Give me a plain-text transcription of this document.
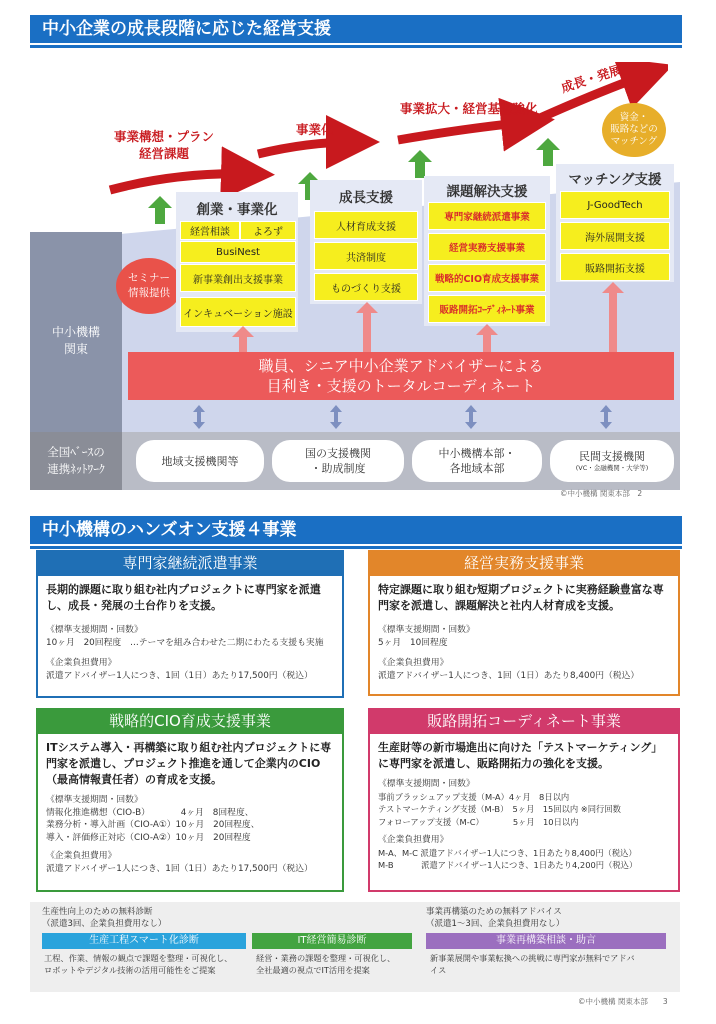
中小企業の成長段階に応じた経営支援
事業構想・プラン
経営課題
事業化
事業拡大・経営基盤強化
成長・発展
資金・
販路などの
マッチング
中小機構
関東
全国ﾍﾞｰｽの
連携ﾈｯﾄﾜｰｸ
セミナー
情報提供
創業・事業化
経営相談 よろず
BusiNest
新事業創出支援事業
インキュベーション施設
成長支援
人材育成支援
共済制度
ものづくり支援
課題解決支援
専門家継続派遣事業
経営実務支援事業
戦略的CIO育成支援事業
販路開拓ｺｰﾃﾞｨﾈｰﾄ事業
マッチング支援
J-GoodTech
海外展開支援
販路開拓支援
職員、シニア中小企業アドバイザーによる
目利き・支援のトータルコーディネート
地域支援機関等
国の支援機関
・助成制度
中小機構本部・
各地域本部
民間支援機関
(VC・金融機関・大学等)
©中小機構 関東本部　2
中小機構のハンズオン支援４事業
専門家継続派遣事業
長期的課題に取り組む社内プロジェクトに専門家を派遣し、成長・発展の土台作りを支援。
《標準支援期間・回数》
10ヶ月　20回程度　…テーマを組み合わせた二期にわたる支援も実施
《企業負担費用》
派遣アドバイザー1人につき、1回（1日）あたり17,500円（税込）
経営実務支援事業
特定課題に取り組む短期プロジェクトに実務経験豊富な専門家を派遣し、課題解決と社内人材育成を支援。
《標準支援期間・回数》
5ヶ月　10回程度
《企業負担費用》
派遣アドバイザー1人につき、1回（1日）あたり8,400円（税込）
戦略的CIO育成支援事業
ITシステム導入・再構築に取り組む社内プロジェクトに専門家を派遣し、プロジェクト推進を通して企業内のCIO（最高情報責任者）の育成を支援。
《標準支援期間・回数》
情報化推進構想（CIO-B）　　　　4ヶ月　8回程度、
業務分析・導入計画（CIO-A①）10ヶ月　20回程度、
導入・評価修正対応（CIO-A②）10ヶ月　20回程度
《企業負担費用》
派遣アドバイザー1人につき、1回（1日）あたり17,500円（税込）
販路開拓コーディネート事業
生産財等の新市場進出に向けた「テストマーケティング」に専門家を派遣し、販路開拓力の強化を支援。
《標準支援期間・回数》
事前ブラッシュアップ支援（M-A）4ヶ月　8日以内
テストマーケティング支援（M-B）　5ヶ月　15回以内 ※同行回数
フォローアップ支援（M-C）　　　　5ヶ月　10日以内
《企業負担費用》
M-A、M-C 派遣アドバイザー1人につき、1日あたり8,400円（税込）
M-B　　　 派遣アドバイザー1人につき、1日あたり4,200円（税込）
生産性向上のための無料診断
（派遣3回、企業負担費用なし）
事業再構築のための無料アドバイス
（派遣1～3回、企業負担費用なし）
生産工程スマート化診断	IT経営簡易診断	事業再構築相談・助言
工程、作業、情報の観点で課題を整理・可視化し、
ロボットやデジタル技術の活用可能性をご提案
経営・業務の課題を整理・可視化し、
全社最適の視点でIT活用を提案
新事業展開や事業転換への挑戦に専門家が無料でアドバ
イス
©中小機構 関東本部　　3
